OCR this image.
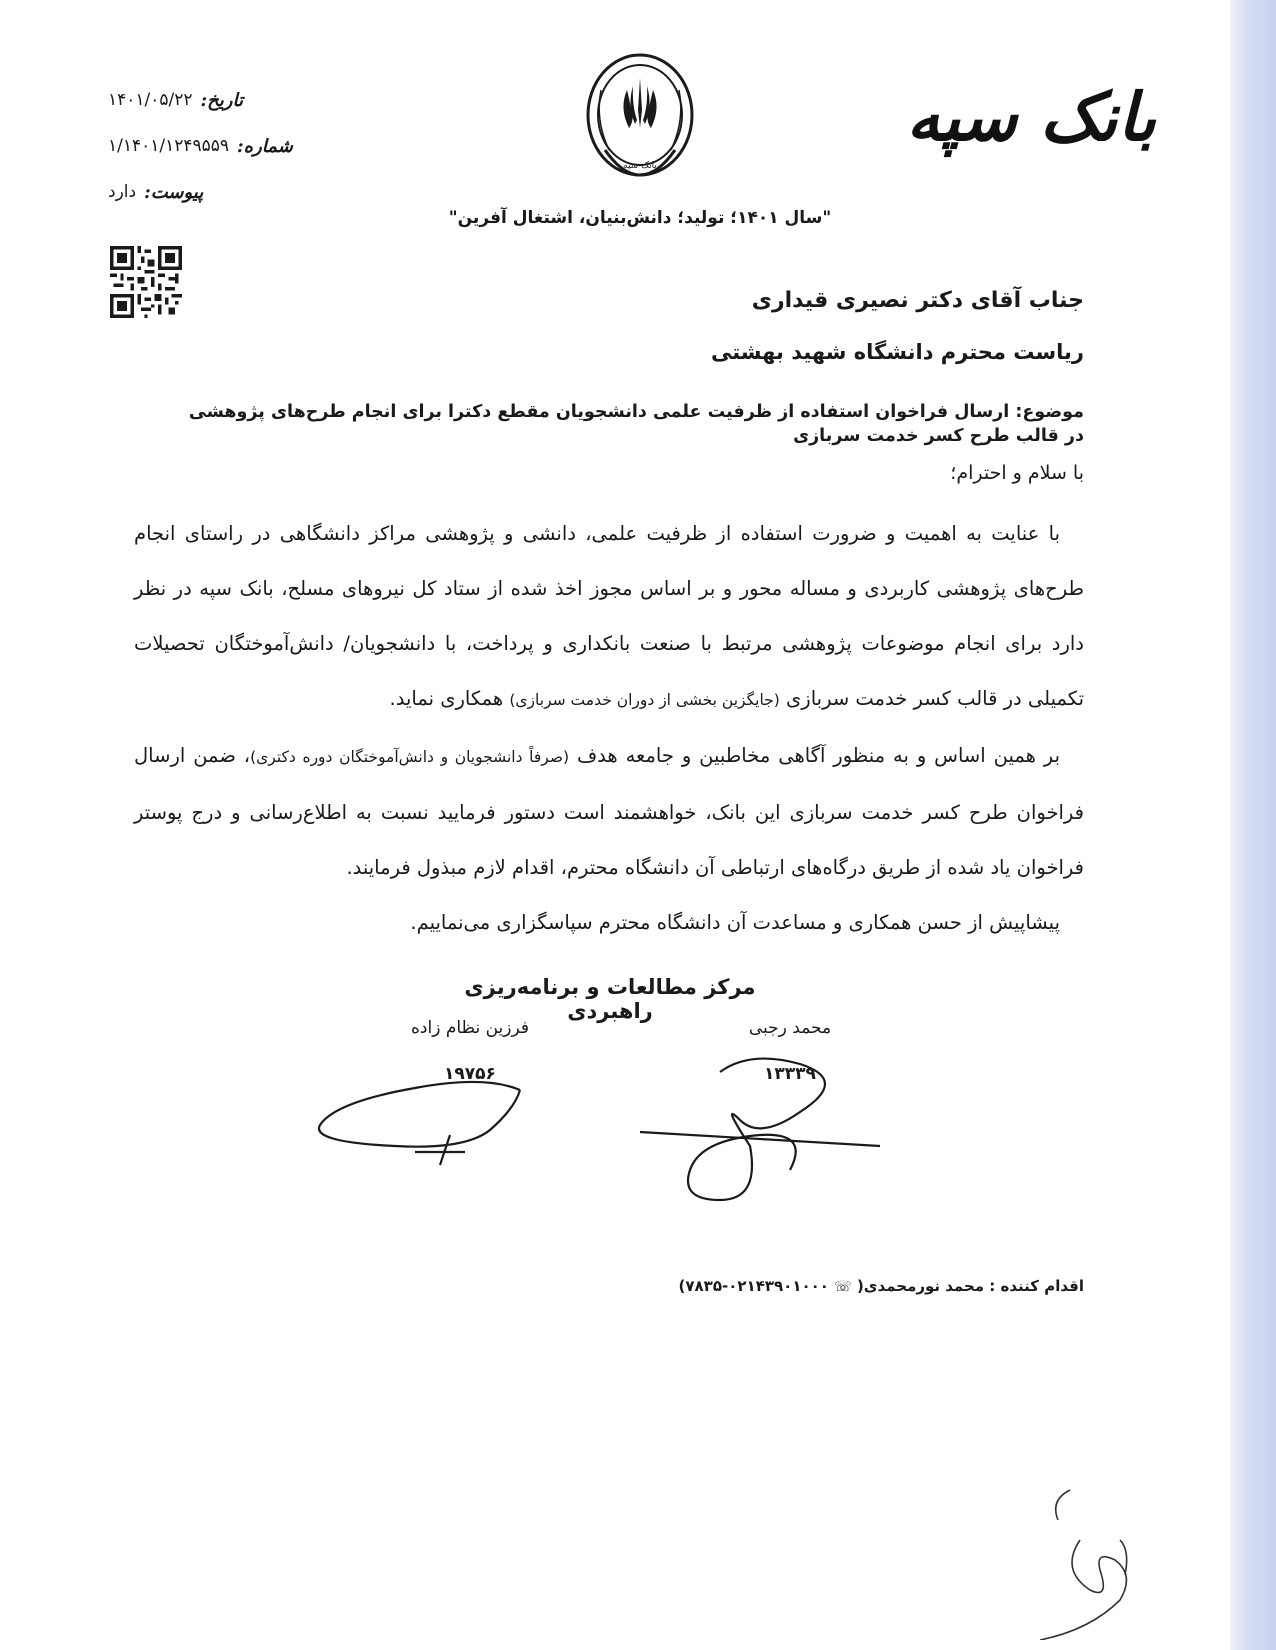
بانک سپه
بانک سپه
"سال ۱۴۰۱؛ تولید؛ دانش‌بنیان، اشتغال آفرین"
تاریخ:
۱۴۰۱/۰۵/۲۲
شماره:
۱/۱۴۰۱/۱۲۴۹۵۵۹
پیوست:
دارد
جناب آقای دکتر نصیری قیداری
ریاست محترم دانشگاه شهید بهشتی
موضوع: ارسال فراخوان استفاده از ظرفیت علمی دانشجویان مقطع دکترا برای انجام طرح‌های پژوهشی در قالب طرح کسر خدمت سربازی
با سلام و احترام؛

با عنایت به اهمیت و ضرورت استفاده از ظرفیت علمی، دانشی و پژوهشی مراکز دانشگاهی در راستای انجام طرح‌های پژوهشی کاربردی و مساله محور و بر اساس مجوز اخذ شده از ستاد کل نیروهای مسلح، بانک سپه در نظر دارد برای انجام موضوعات پژوهشی مرتبط با صنعت بانکداری و پرداخت، با دانشجویان/ دانش‌آموختگان تحصیلات تکمیلی در قالب کسر خدمت سربازی (جایگزین بخشی از دوران خدمت سربازی) همکاری نماید.

بر همین اساس و به منظور آگاهی مخاطبین و جامعه هدف (صرفاً دانشجویان و دانش‌آموختگان دوره دکتری)، ضمن ارسال فراخوان طرح کسر خدمت سربازی این بانک، خواهشمند است دستور فرمایید نسبت به اطلاع‌رسانی و درج پوستر فراخوان یاد شده از طریق درگاه‌های ارتباطی آن دانشگاه محترم، اقدام لازم مبذول فرمایند.

پیشاپیش از حسن همکاری و مساعدت آن دانشگاه محترم سپاسگزاری می‌نماییم.

مرکز مطالعات و برنامه‌ریزی راهبردی
محمد رجبی
۱۳۳۳۹
فرزین نظام زاده
۱۹۷۵۶
اقدام کننده : محمد نورمحمدی( ☏ ۰۲۱۴۳۹۰۱۰۰۰-۷۸۳۵)
